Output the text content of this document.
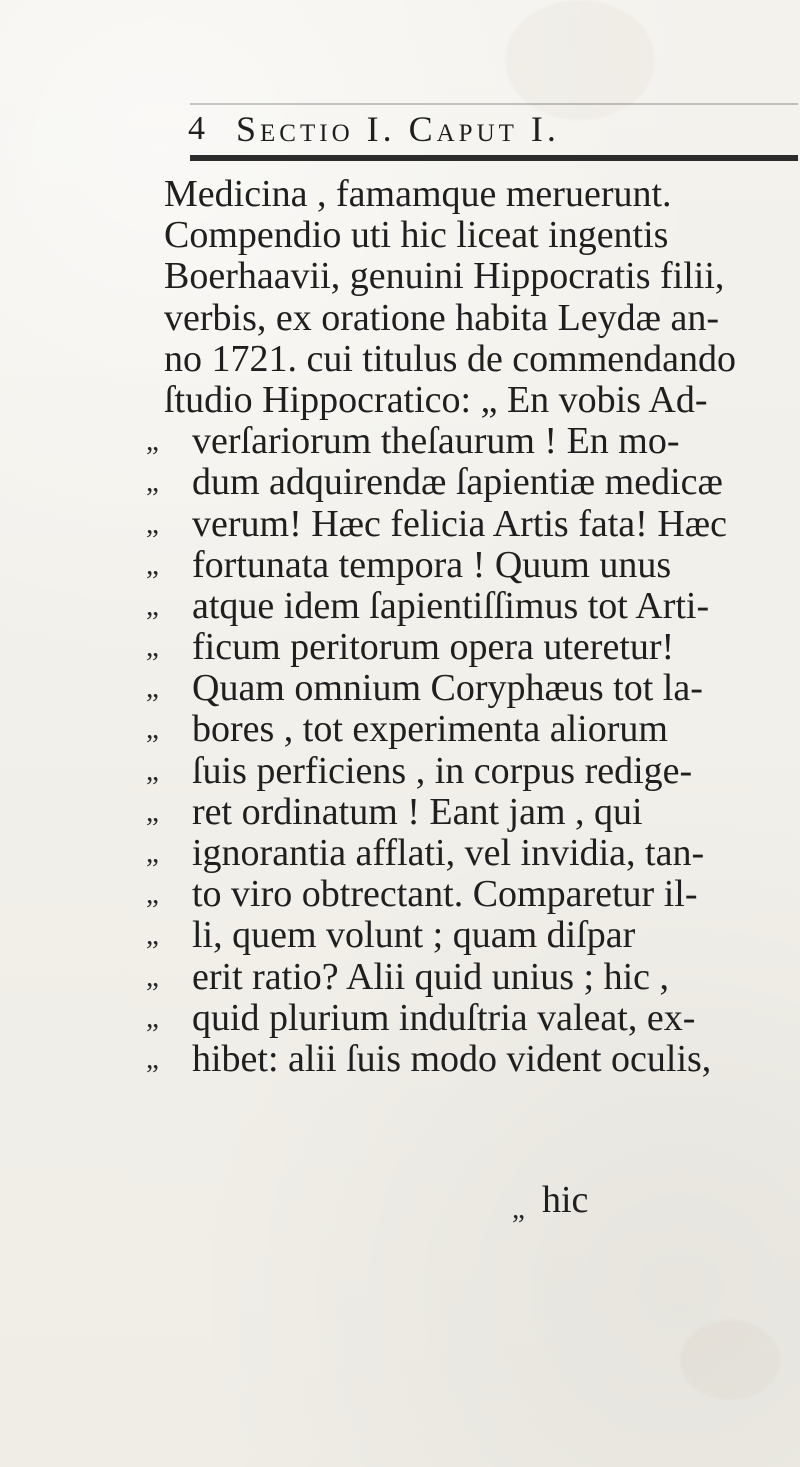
4 Sectio I. Caput I.
Medicina , famamque meruerunt.
Compendio uti hic liceat ingentis
Boerhaavii, genuini Hippocratis filii,
verbis, ex oratione habita Leydæ an-
no 1721. cui titulus de commendando
ſtudio Hippocratico: „ En vobis Ad-
„ verſariorum theſaurum ! En mo-
„ dum adquirendæ ſapientiæ medicæ
„ verum! Hæc felicia Artis fata! Hæc
„ fortunata tempora ! Quum unus
„ atque idem ſapientiſſimus tot Arti-
„ ficum peritorum opera uteretur!
„ Quam omnium Coryphæus tot la-
„ bores , tot experimenta aliorum
„ ſuis perficiens , in corpus redige-
„ ret ordinatum ! Eant jam , qui
„ ignorantia afflati, vel invidia, tan-
„ to viro obtrectant. Comparetur il-
„ li, quem volunt ; quam diſpar
„ erit ratio? Alii quid unius ; hic ,
„ quid plurium induſtria valeat, ex-
„ hibet: alii ſuis modo vident oculis,
„ hic
